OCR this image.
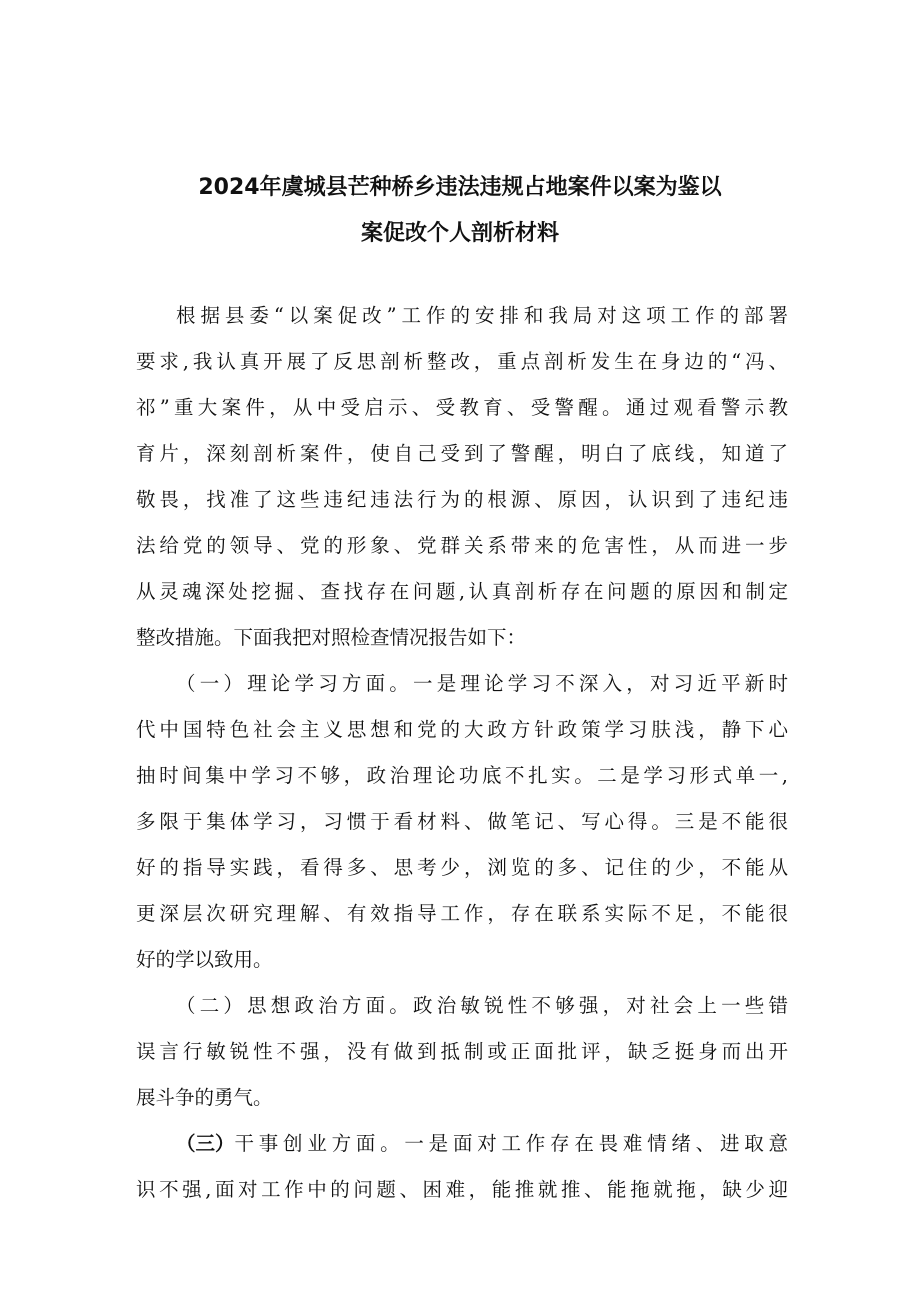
2024年虞城县芒种桥乡违法违规占地案件以案为鉴以
案促改个人剖析材料
根据县委“以案促改”工作的安排和我局对这项工作的部署
要求,我认真开展了反思剖析整改，重点剖析发生在身边的“冯、
祁”重大案件，从中受启示、受教育、受警醒。通过观看警示教
育片，深刻剖析案件，使自己受到了警醒，明白了底线，知道了
敬畏，找准了这些违纪违法行为的根源、原因，认识到了违纪违
法给党的领导、党的形象、党群关系带来的危害性，从而进一步
从灵魂深处挖掘、查找存在问题,认真剖析存在问题的原因和制定
整改措施。下面我把对照检查情况报告如下：
（一）理论学习方面。一是理论学习不深入，对习近平新时
代中国特色社会主义思想和党的大政方针政策学习肤浅，静下心
抽时间集中学习不够，政治理论功底不扎实。二是学习形式单一,
多限于集体学习，习惯于看材料、做笔记、写心得。三是不能很
好的指导实践，看得多、思考少，浏览的多、记住的少，不能从
更深层次研究理解、有效指导工作，存在联系实际不足，不能很
好的学以致用。
（二）思想政治方面。政治敏锐性不够强，对社会上一些错
误言行敏锐性不强，没有做到抵制或正面批评，缺乏挺身而出开
展斗争的勇气。
（三） 干事创业方面。一是面对工作存在畏难情绪、进取意
识不强,面对工作中的问题、困难，能推就推、能拖就拖，缺少迎
